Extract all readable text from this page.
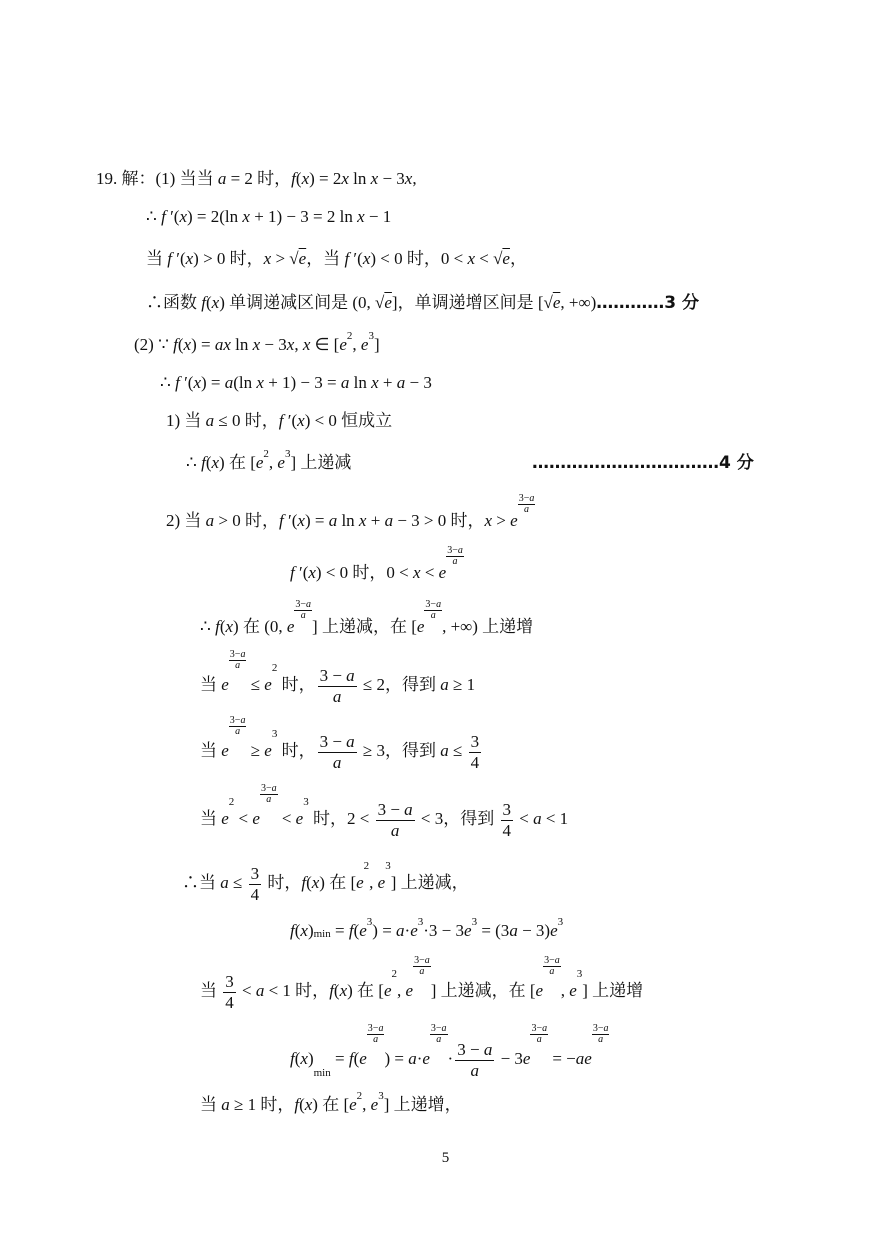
19. 解：(1) 当当 a = 2 时，f(x) = 2x ln x − 3x,
∴ f ′(x) = 2(ln x + 1) − 3 = 2 ln x − 1
当 f ′(x) > 0 时，x > √e，当 f ′(x) < 0 时，0 < x < √e，
∴函数 f(x) 单调递减区间是 (0, √e]，单调递增区间是 [√e, +∞)…………3 分
(2) ∵ f(x) = ax ln x − 3x, x ∈ [$e^2$, $e^3$]
∴ f ′(x) = a(ln x + 1) − 3 = a ln x + a − 3
1) 当 a ≤ 0 时，f ′(x) < 0 恒成立
∴ f(x) 在 [$e^2$, $e^3$] 上递减	……………………………4 分
2) 当 a > 0 时，f ′(x) = a ln x + a − 3 > 0 时，x > e
$\frac{3-a}{a}$
f ′(x) < 0 时，0 < x < e
$\frac{3-a}{a}$
∴ f(x) 在 (0, e
$\frac{3-a}{a}$
] 上递减，在 [e
$\frac{3-a}{a}$
, +∞) 上递增
当 e
$\frac{3-a}{a}$
≤ $e^2$ 时， $\frac{3 - a}{a} \le 2$，得到 a ≥ 1
当 e
$\frac{3-a}{a}$
≥ $e^3$ 时， $\frac{3 - a}{a} \ge 3$，得到 $a \le \frac{3}{4}$
当 $e^2 < e$
$\frac{3-a}{a}$
< $e^3$ 时，$2 < \frac{3 - a}{a} < 3$，得到 $\frac{3}{4} < a < 1$
∴当 $a \le \frac{3}{4}$ 时，f(x) 在 [$e^2$, $e^3$] 上递减，
$f(x)\min = f(e^3) = a\cdot e^3\cdot 3 - 3e^3 = (3a - 3)e^3$
当 $\frac{3}{4} < a < 1$ 时，f(x) 在 [$e^2$, e
$\frac{3-a}{a}$
] 上递减，在 [e
$\frac{3-a}{a}$
, $e^3$] 上递增
f(x)min = f(e
$\frac{3-a}{a}$
) = a·e
$\frac{3-a}{a}$
· $\frac{3 - a}{a} - 3e$
$\frac{3-a}{a}$
= −ae
$\frac{3-a}{a}$
当 a ≥ 1 时，f(x) 在 [$e^2$, $e^3$] 上递增，
5
